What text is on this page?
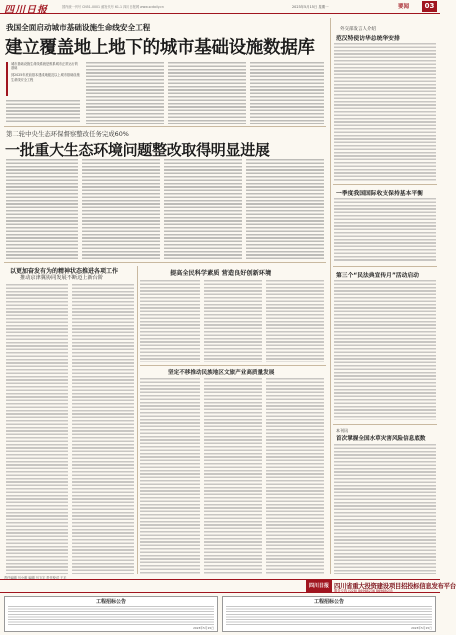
四川日报	国内统一刊号 CN51-0001 邮发代号 61-1 四川日报网 www.scdaily.cn	2023年5月15日 星期一	要闻	03
我国全面启动城市基础设施生命线安全工程
建立覆盖地上地下的城市基础设施数据库
城市基础设施生命线系统是维系城市正常运行的基础
到2025年底前基本建成地级及以上城市基础设施生命线安全工程
第二轮中央生态环保督察整改任务完成60%
一批重大生态环境问题整改取得明显进展
以更加奋发有为的精神状态推进各项工作
推动京津冀协同发展不断迈上新台阶
提高全民科学素质 营造良好创新环境
坚定不移推动民族地区文旅产业高质量发展
外交部发言人介绍
范汉特使访华总统华安排
一季度我国国际收支保持基本平衡
第三个“民法典宣传月”活动启动
本刊讯
首次掌握全国水草灾害风险信息底数
责任编辑 马小明 编辑 马飞宇 责任校对 王平
四川日报 四川省重大投资建设项目招投标信息发布平台
服务专线 (028) 86968236 86968035
工程招标公告
2023年5月15日
工程招标公告
2023年5月15日
